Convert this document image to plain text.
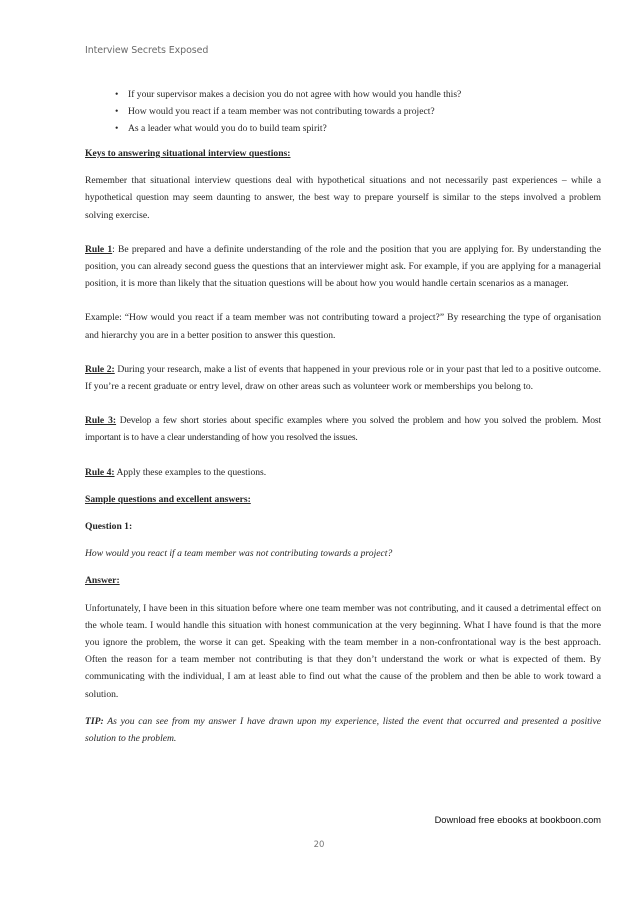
Interview Secrets Exposed
• If your supervisor makes a decision you do not agree with how would you handle this?
• How would you react if a team member was not contributing towards a project?
• As a leader what would you do to build team spirit?

Keys to answering situational interview questions:

Remember that situational interview questions deal with hypothetical situations and not necessarily past experiences – while a hypothetical question may seem daunting to answer, the best way to prepare yourself is similar to the steps involved a problem solving exercise.

Rule 1: Be prepared and have a definite understanding of the role and the position that you are applying for. By understanding the position, you can already second guess the questions that an interviewer might ask. For example, if you are applying for a managerial position, it is more than likely that the situation questions will be about how you would handle certain scenarios as a manager.

Example: “How would you react if a team member was not contributing toward a project?” By researching the type of organisation and hierarchy you are in a better position to answer this question.

Rule 2: During your research, make a list of events that happened in your previous role or in your past that led to a positive outcome. If you’re a recent graduate or entry level, draw on other areas such as volunteer work or memberships you belong to.

Rule 3: Develop a few short stories about specific examples where you solved the problem and how you solved the problem. Most important is to have a clear understanding of how you resolved the issues.

Rule 4: Apply these examples to the questions.

Sample questions and excellent answers:

Question 1:

How would you react if a team member was not contributing towards a project?

Answer:

Unfortunately, I have been in this situation before where one team member was not contributing, and it caused a detrimental effect on the whole team. I would handle this situation with honest communication at the very beginning. What I have found is that the more you ignore the problem, the worse it can get. Speaking with the team member in a non-confrontational way is the best approach. Often the reason for a team member not contributing is that they don’t understand the work or what is expected of them. By communicating with the individual, I am at least able to find out what the cause of the problem and then be able to work toward a solution.

TIP: As you can see from my answer I have drawn upon my experience, listed the event that occurred and presented a positive solution to the problem.

Download free ebooks at bookboon.com
20
